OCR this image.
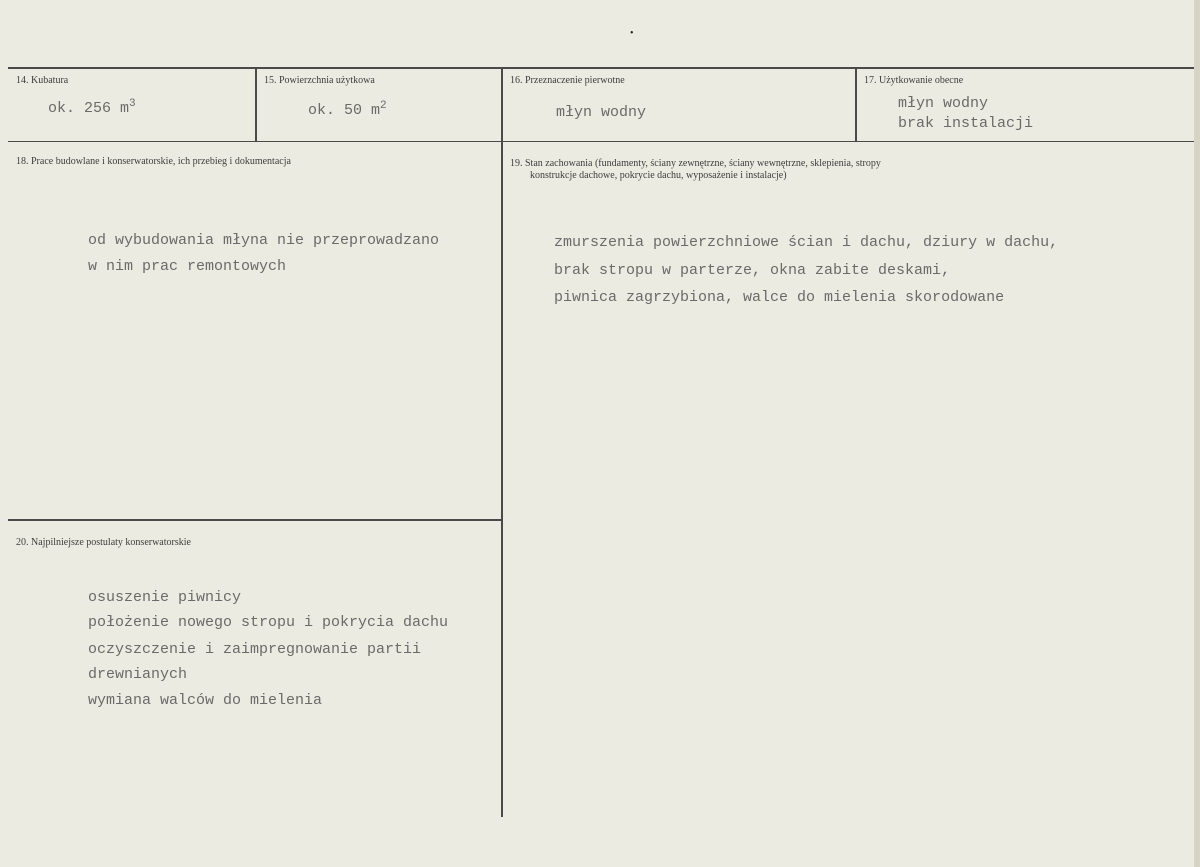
•
14. Kubatura
ok. 256 $m^3$
15. Powierzchnia użytkowa
ok. 50 $m^2$
16. Przeznaczenie pierwotne
młyn wodny
17. Użytkowanie obecne
młyn wodny
brak instalacji
18. Prace budowlane i konserwatorskie, ich przebieg i dokumentacja
od wybudowania młyna nie przeprowadzano
w nim prac remontowych
19. Stan zachowania (fundamenty, ściany zewnętrzne, ściany wewnętrzne, sklepienia, stropy
konstrukcje dachowe, pokrycie dachu, wyposażenie i instalacje)
zmurszenia powierzchniowe ścian i dachu, dziury w dachu,
brak stropu w parterze, okna zabite deskami,
piwnica zagrzybiona, walce do mielenia skorodowane
20. Najpilniejsze postulaty konserwatorskie
osuszenie piwnicy
położenie nowego stropu i pokrycia dachu
oczyszczenie i zaimpregnowanie partii
drewnianych
wymiana walców do mielenia
